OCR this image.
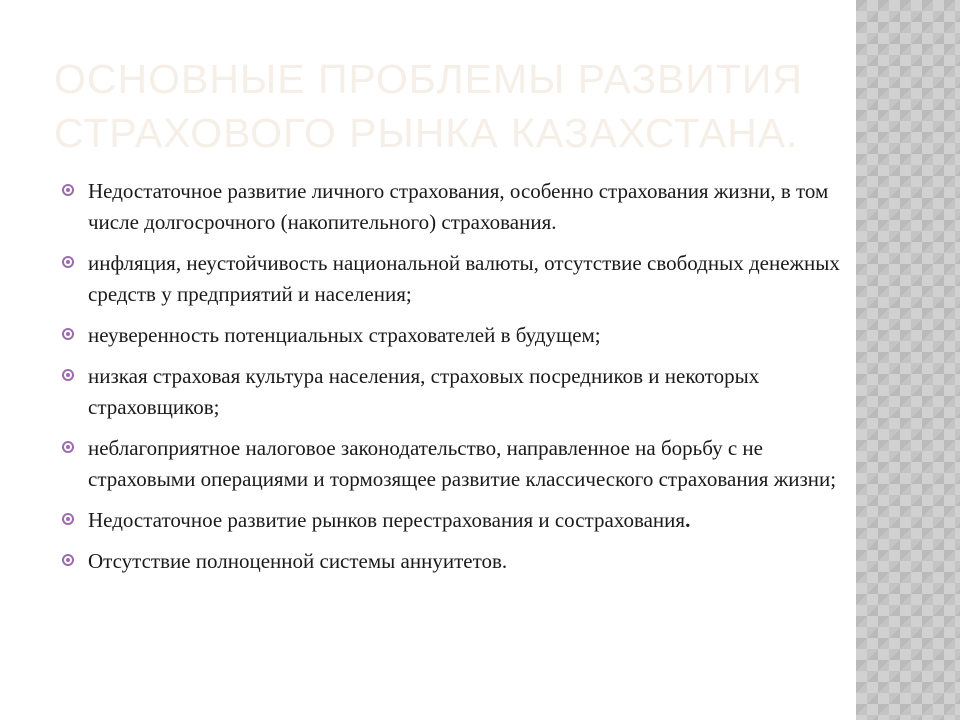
ОСНОВНЫЕ ПРОБЛЕМЫ РАЗВИТИЯ СТРАХОВОГО РЫНКА КАЗАХСТАНА.
Недостаточное развитие личного страхования, особенно страхования жизни, в том числе долгосрочного (накопительного) страхования.
инфляция, неустойчивость национальной валюты, отсутствие свободных денежных средств у предприятий и населения;
неуверенность потенциальных страхователей в будущем;
низкая страховая культура населения, страховых посредников и некоторых страховщиков;
неблагоприятное налоговое законодательство, направленное на борьбу с не страховыми операциями и тормозящее развитие классического страхования жизни;
Недостаточное развитие рынков перестрахования и сострахования.
Отсутствие полноценной системы аннуитетов.
